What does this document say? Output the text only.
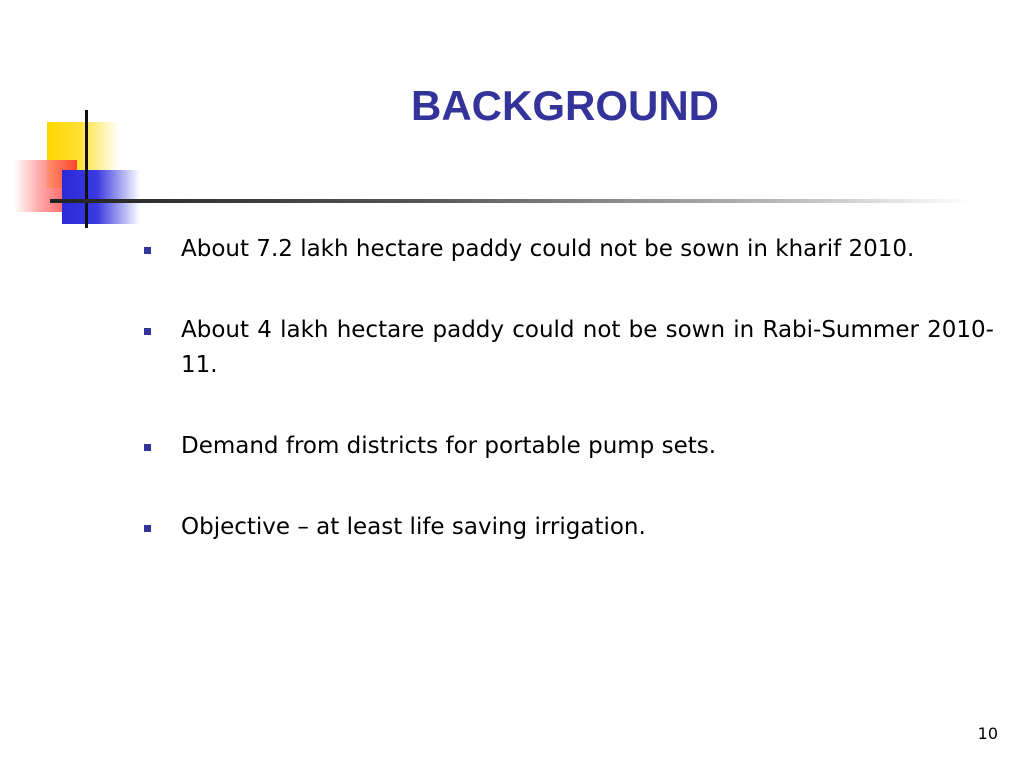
BACKGROUND
About 7.2 lakh hectare paddy could not be sown in kharif 2010.
About 4 lakh hectare paddy could not be sown in Rabi-Summer 2010-11.
Demand from districts for portable pump sets.
Objective – at least life saving irrigation.
10
